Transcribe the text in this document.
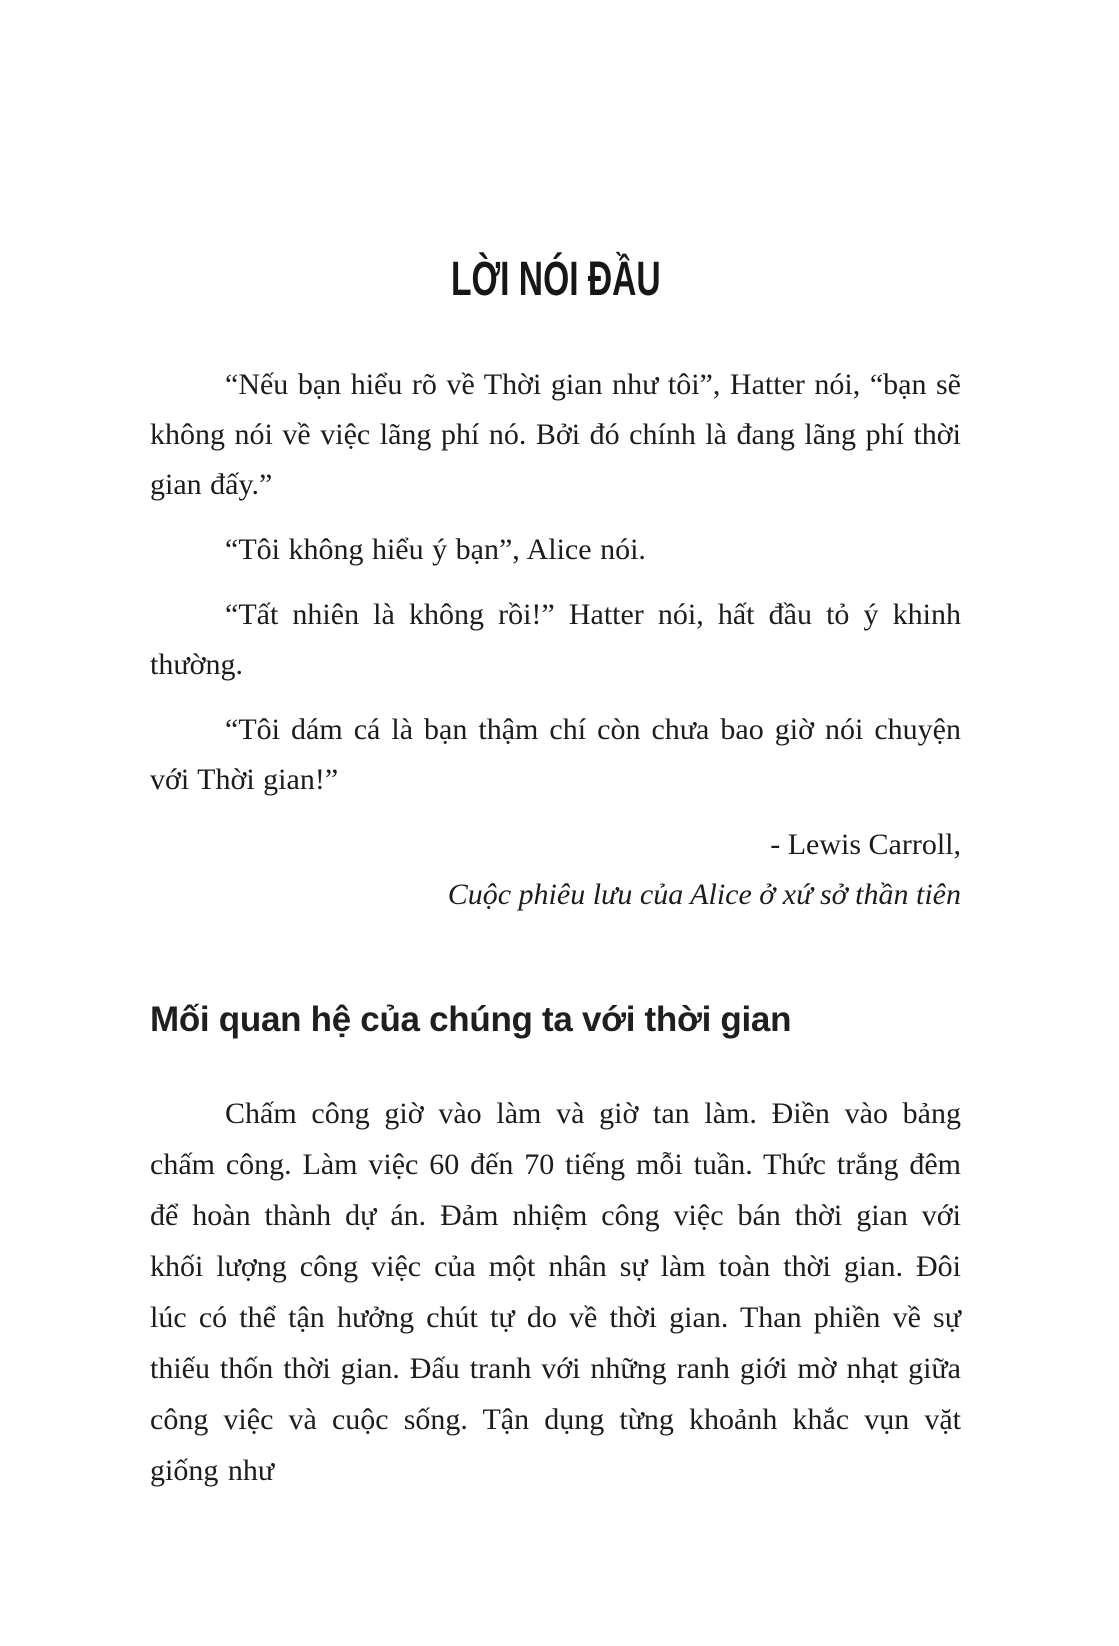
LỜI NÓI ĐẦU

“Nếu bạn hiểu rõ về Thời gian như tôi”, Hatter nói, “bạn sẽ không nói về việc lãng phí nó. Bởi đó chính là đang lãng phí thời gian đấy.”

“Tôi không hiểu ý bạn”, Alice nói.

“Tất nhiên là không rồi!” Hatter nói, hất đầu tỏ ý khinh thường.

“Tôi dám cá là bạn thậm chí còn chưa bao giờ nói chuyện với Thời gian!”

- Lewis Carroll,
Cuộc phiêu lưu của Alice ở xứ sở thần tiên
Mối quan hệ của chúng ta với thời gian

Chấm công giờ vào làm và giờ tan làm. Điền vào bảng chấm công. Làm việc 60 đến 70 tiếng mỗi tuần. Thức trắng đêm để hoàn thành dự án. Đảm nhiệm công việc bán thời gian với khối lượng công việc của một nhân sự làm toàn thời gian. Đôi lúc có thể tận hưởng chút tự do về thời gian. Than phiền về sự thiếu thốn thời gian. Đấu tranh với những ranh giới mờ nhạt giữa công việc và cuộc sống. Tận dụng từng khoảnh khắc vụn vặt giống như
